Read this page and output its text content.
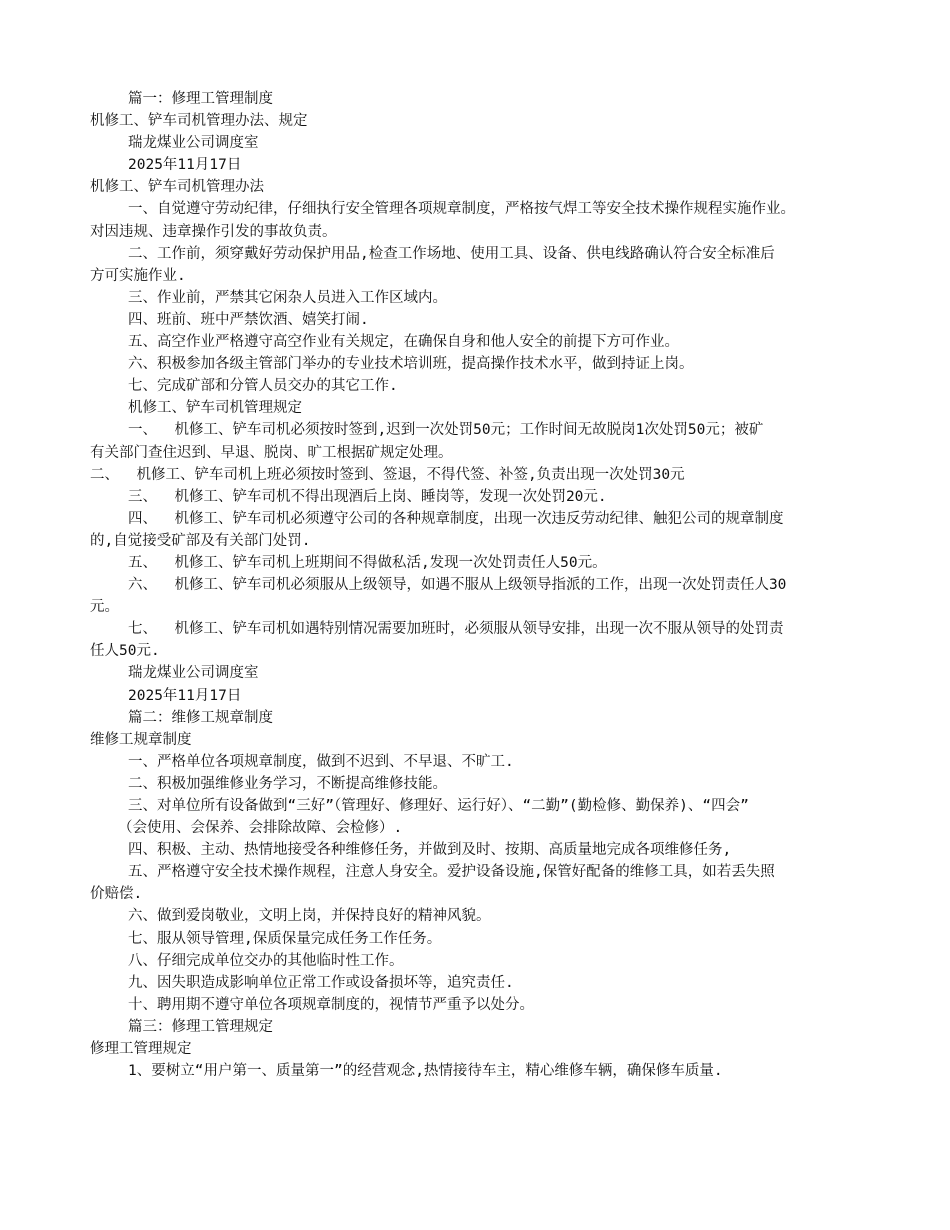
篇一：修理工管理制度
机修工、铲车司机管理办法、规定
瑞龙煤业公司调度室
2025年11月17日
机修工、铲车司机管理办法
一、自觉遵守劳动纪律，仔细执行安全管理各项规章制度，严格按气焊工等安全技术操作规程实施作业。
对因违规、违章操作引发的事故负责。
二、工作前，须穿戴好劳动保护用品,检查工作场地、使用工具、设备、供电线路确认符合安全标准后
方可实施作业.
三、作业前，严禁其它闲杂人员进入工作区域内。
四、班前、班中严禁饮酒、嬉笑打闹.
五、高空作业严格遵守高空作业有关规定，在确保自身和他人安全的前提下方可作业。
六、积极参加各级主管部门举办的专业技术培训班，提高操作技术水平，做到持证上岗。
七、完成矿部和分管人员交办的其它工作.
机修工、铲车司机管理规定
一、  机修工、铲车司机必须按时签到,迟到一次处罚50元；工作时间无故脱岗1次处罚50元；被矿
有关部门查住迟到、早退、脱岗、旷工根据矿规定处理。
二、  机修工、铲车司机上班必须按时签到、签退，不得代签、补签,负责出现一次处罚30元
三、  机修工、铲车司机不得出现酒后上岗、睡岗等，发现一次处罚20元.
四、  机修工、铲车司机必须遵守公司的各种规章制度，出现一次违反劳动纪律、触犯公司的规章制度
的,自觉接受矿部及有关部门处罚.
五、  机修工、铲车司机上班期间不得做私活,发现一次处罚责任人50元。
六、  机修工、铲车司机必须服从上级领导，如遇不服从上级领导指派的工作，出现一次处罚责任人30
元。
七、  机修工、铲车司机如遇特别情况需要加班时，必须服从领导安排，出现一次不服从领导的处罚责
任人50元.
瑞龙煤业公司调度室
2025年11月17日
篇二：维修工规章制度
维修工规章制度
一、严格单位各项规章制度，做到不迟到、不早退、不旷工.
二、积极加强维修业务学习，不断提高维修技能。
三、对单位所有设备做到“三好”（管理好、修理好、运行好）、“二勤”(勤检修、勤保养)、“四会”
（会使用、会保养、会排除故障、会检修）.
四、积极、主动、热情地接受各种维修任务，并做到及时、按期、高质量地完成各项维修任务,
五、严格遵守安全技术操作规程，注意人身安全。爱护设备设施,保管好配备的维修工具，如若丢失照
价赔偿.
六、做到爱岗敬业，文明上岗，并保持良好的精神风貌。
七、服从领导管理,保质保量完成任务工作任务。
八、仔细完成单位交办的其他临时性工作。
九、因失职造成影响单位正常工作或设备损坏等，追究责任.
十、聘用期不遵守单位各项规章制度的，视情节严重予以处分。
篇三：修理工管理规定
修理工管理规定
1、要树立“用户第一、质量第一”的经营观念,热情接待车主，精心维修车辆，确保修车质量.
